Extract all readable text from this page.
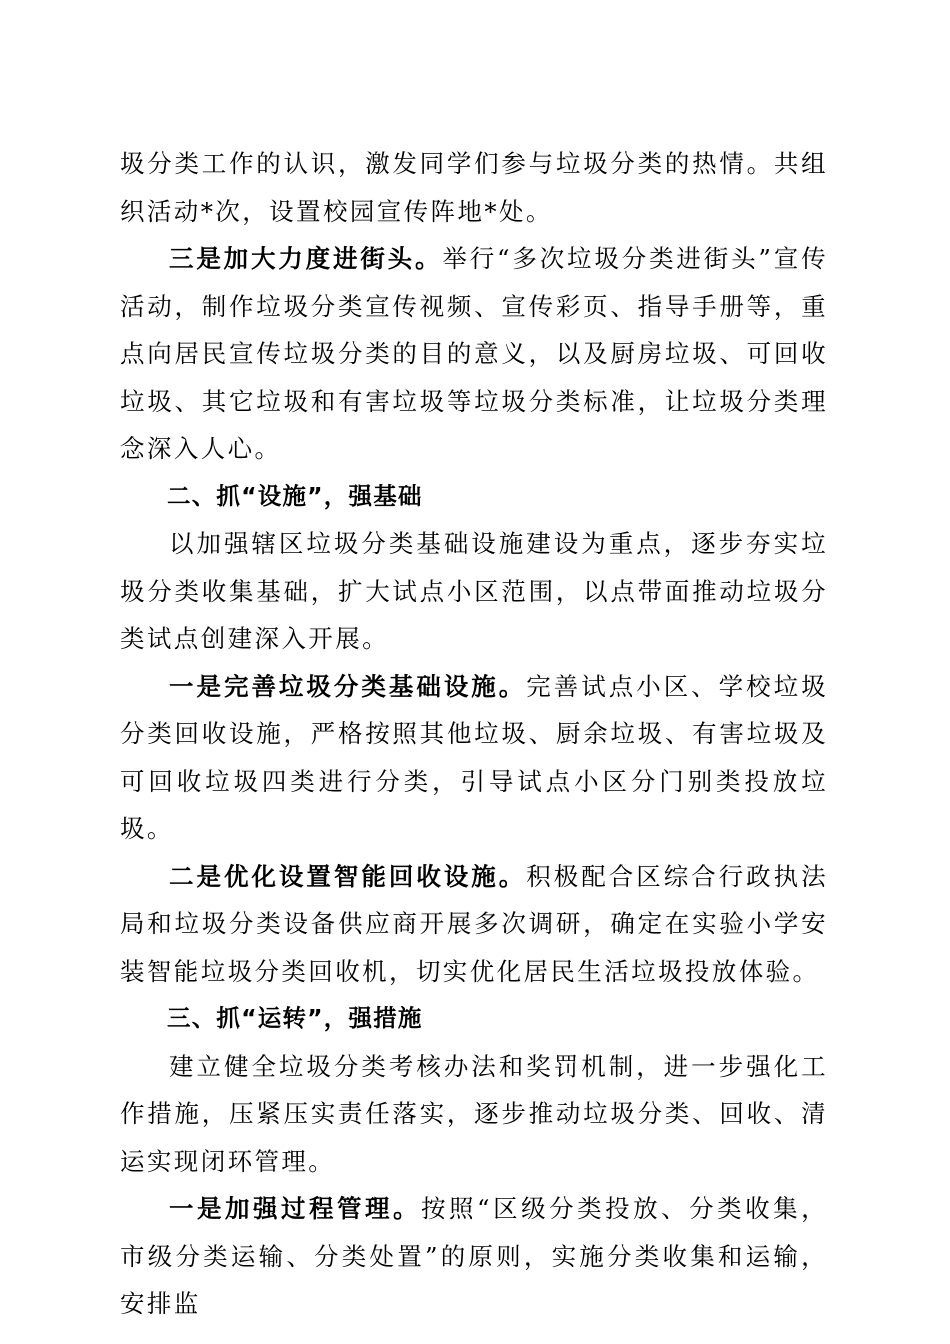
圾分类工作的认识，激发同学们参与垃圾分类的热情。共组织活动*次，设置校园宣传阵地*处。

三是加大力度进街头。举行“多次垃圾分类进街头”宣传活动，制作垃圾分类宣传视频、宣传彩页、指导手册等，重点向居民宣传垃圾分类的目的意义，以及厨房垃圾、可回收垃圾、其它垃圾和有害垃圾等垃圾分类标准，让垃圾分类理念深入人心。

二、抓“设施”，强基础

以加强辖区垃圾分类基础设施建设为重点，逐步夯实垃圾分类收集基础，扩大试点小区范围，以点带面推动垃圾分类试点创建深入开展。

一是完善垃圾分类基础设施。完善试点小区、学校垃圾分类回收设施，严格按照其他垃圾、厨余垃圾、有害垃圾及可回收垃圾四类进行分类，引导试点小区分门别类投放垃圾。

二是优化设置智能回收设施。积极配合区综合行政执法局和垃圾分类设备供应商开展多次调研，确定在实验小学安装智能垃圾分类回收机，切实优化居民生活垃圾投放体验。

三、抓“运转”，强措施

建立健全垃圾分类考核办法和奖罚机制，进一步强化工作措施，压紧压实责任落实，逐步推动垃圾分类、回收、清运实现闭环管理。

一是加强过程管理。按照“区级分类投放、分类收集，市级分类运输、分类处置”的原则，实施分类收集和运输，安排监
